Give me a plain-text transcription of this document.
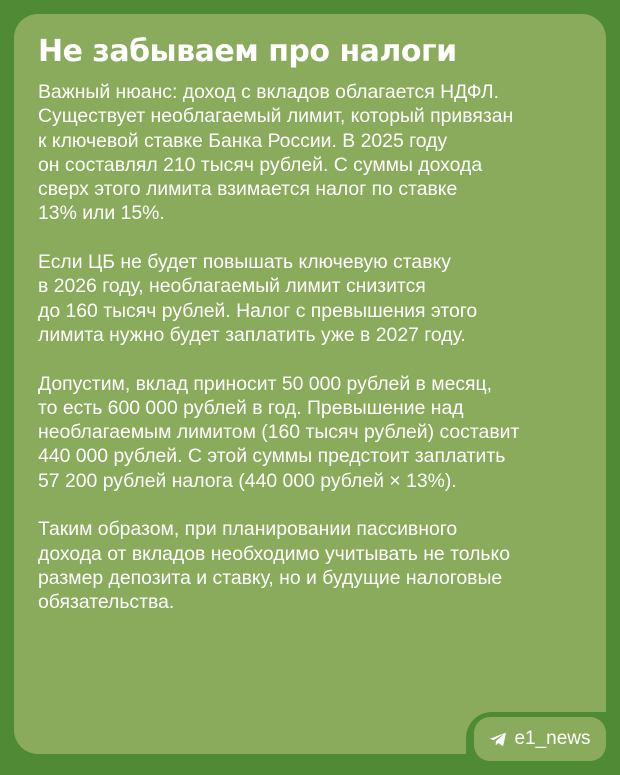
Не забываем про налоги

Важный нюанс: доход с вкладов облагается НДФЛ.
Существует необлагаемый лимит, который привязан
к ключевой ставке Банка России. В 2025 году
он составлял 210 тысяч рублей. С суммы дохода
сверх этого лимита взимается налог по ставке
13% или 15%.

Если ЦБ не будет повышать ключевую ставку
в 2026 году, необлагаемый лимит снизится
до 160 тысяч рублей. Налог с превышения этого
лимита нужно будет заплатить уже в 2027 году.

Допустим, вклад приносит 50 000 рублей в месяц,
то есть 600 000 рублей в год. Превышение над
необлагаемым лимитом (160 тысяч рублей) составит
440 000 рублей. С этой суммы предстоит заплатить
57 200 рублей налога (440 000 рублей × 13%).

Таким образом, при планировании пассивного
дохода от вкладов необходимо учитывать не только
размер депозита и ставку, но и будущие налоговые
обязательства.

e1_news
